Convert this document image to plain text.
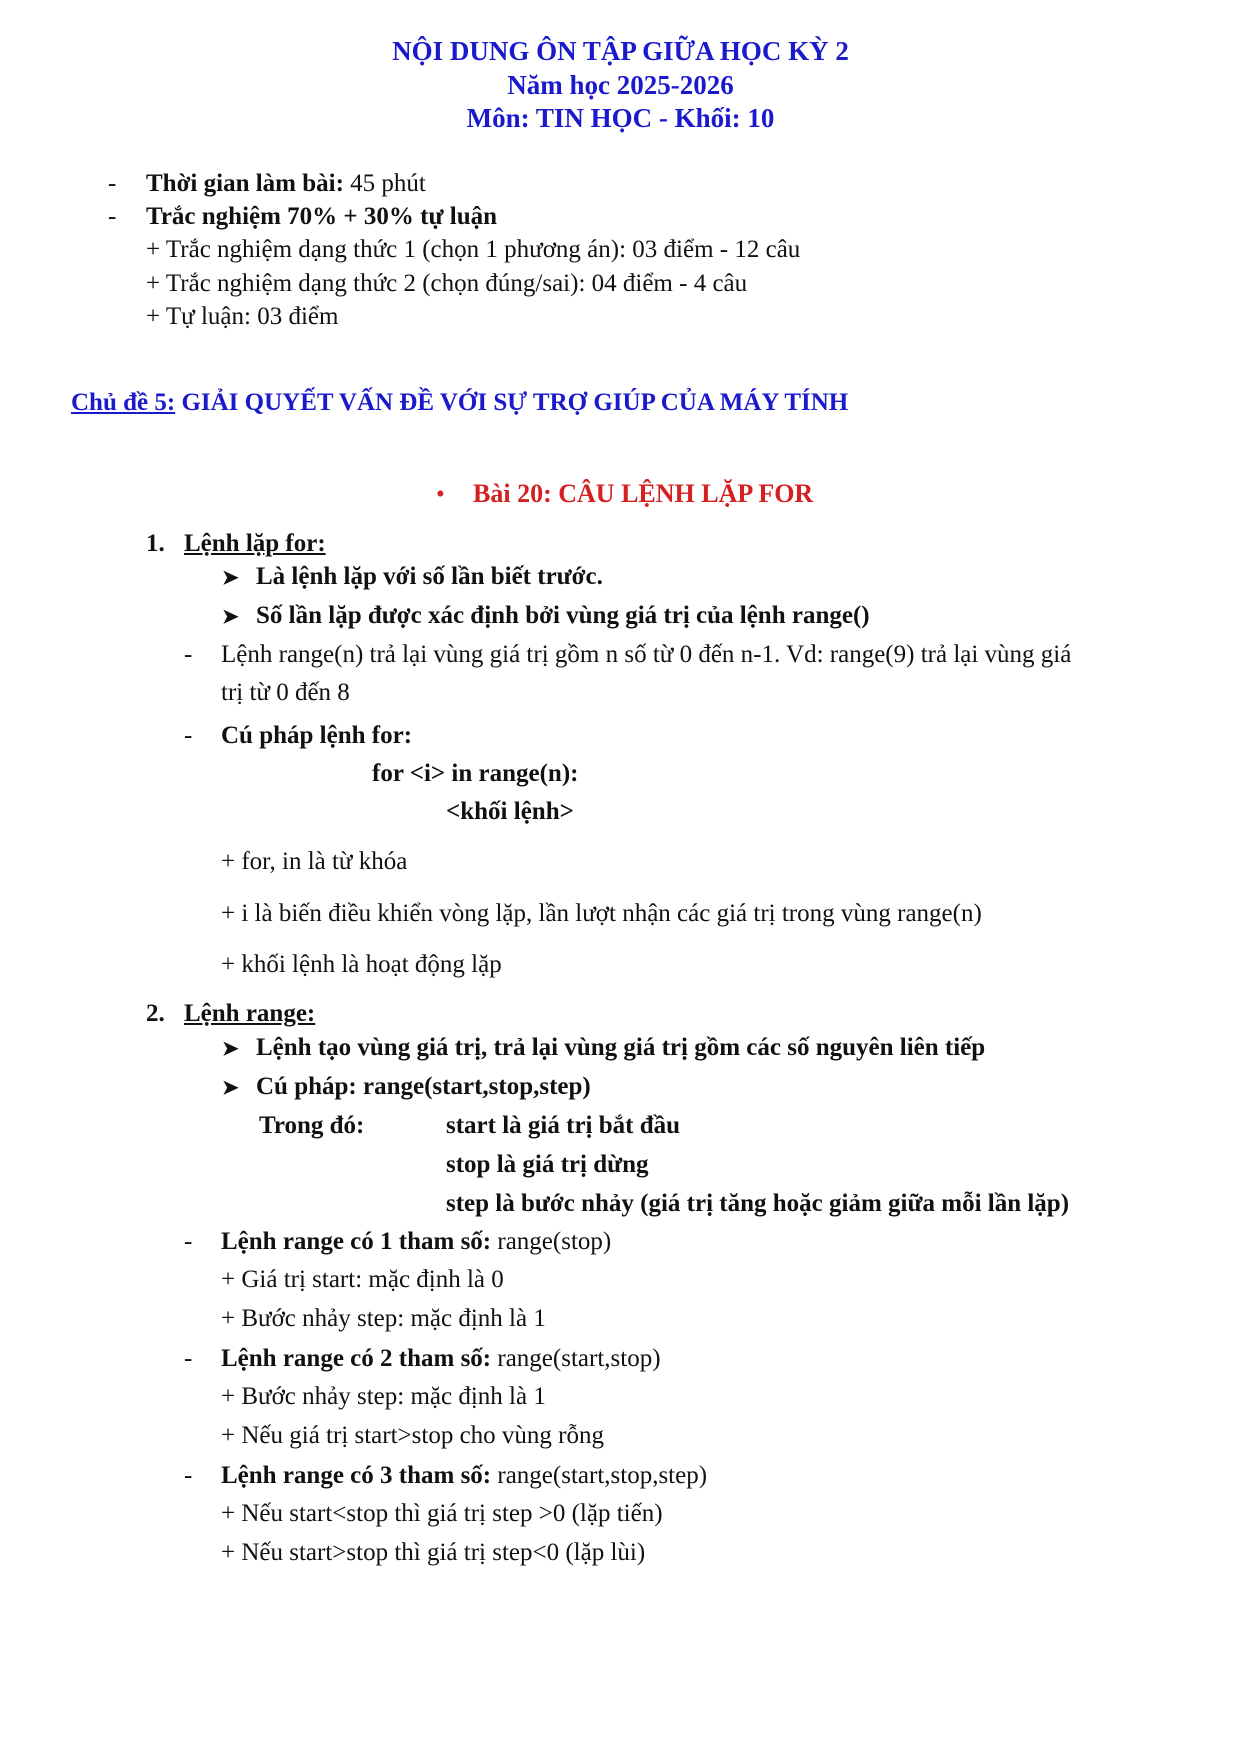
NỘI DUNG ÔN TẬP GIỮA HỌC KỲ 2
Năm học 2025-2026
Môn: TIN HỌC - Khối: 10
- Thời gian làm bài: 45 phút
- Trắc nghiệm 70% + 30% tự luận
+ Trắc nghiệm dạng thức 1 (chọn 1 phương án): 03 điểm - 12 câu
+ Trắc nghiệm dạng thức 2 (chọn đúng/sai): 04 điểm - 4 câu
+ Tự luận: 03 điểm
Chủ đề 5: GIẢI QUYẾT VẤN ĐỀ VỚI SỰ TRỢ GIÚP CỦA MÁY TÍNH
• Bài 20: CÂU LỆNH LẶP FOR
1. Lệnh lặp for:
➤ Là lệnh lặp với số lần biết trước.
➤ Số lần lặp được xác định bởi vùng giá trị của lệnh range()
- Lệnh range(n) trả lại vùng giá trị gồm n số từ 0 đến n-1. Vd: range(9) trả lại vùng giá
trị từ 0 đến 8
- Cú pháp lệnh for:
for <i> in range(n):
<khối lệnh>
+ for, in là từ khóa
+ i là biến điều khiển vòng lặp, lần lượt nhận các giá trị trong vùng range(n)
+ khối lệnh là hoạt động lặp
2. Lệnh range:
➤ Lệnh tạo vùng giá trị, trả lại vùng giá trị gồm các số nguyên liên tiếp
➤ Cú pháp: range(start,stop,step)
Trong đó:	start là giá trị bắt đầu
stop là giá trị dừng
step là bước nhảy (giá trị tăng hoặc giảm giữa mỗi lần lặp)
- Lệnh range có 1 tham số: range(stop)
+ Giá trị start: mặc định là 0
+ Bước nhảy step: mặc định là 1
- Lệnh range có 2 tham số: range(start,stop)
+ Bước nhảy step: mặc định là 1
+ Nếu giá trị start>stop cho vùng rỗng
- Lệnh range có 3 tham số: range(start,stop,step)
+ Nếu start<stop thì giá trị step >0 (lặp tiến)
+ Nếu start>stop thì giá trị step<0 (lặp lùi)
